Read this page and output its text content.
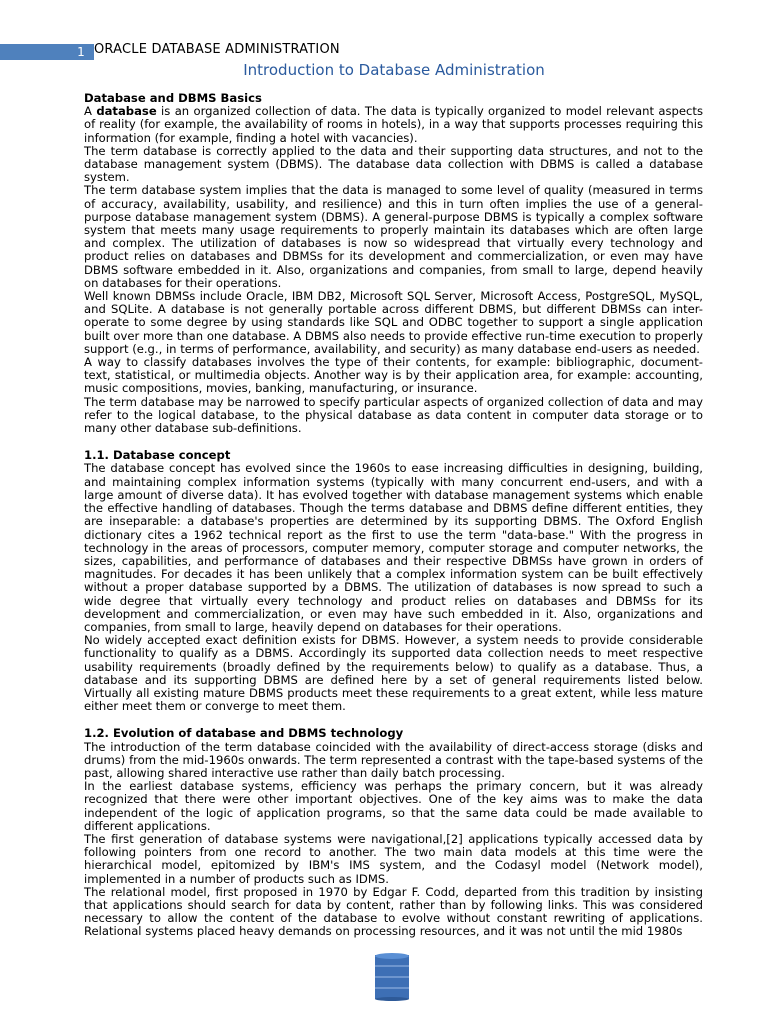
1 ORACLE DATABASE ADMINISTRATION
Introduction to Database Administration

Database and DBMS Basics

A database is an organized collection of data. The data is typically organized to model relevant aspects of reality (for example, the availability of rooms in hotels), in a way that supports processes requiring this information (for example, finding a hotel with vacancies).

The term database is correctly applied to the data and their supporting data structures, and not to the database management system (DBMS). The database data collection with DBMS is called a database system.

The term database system implies that the data is managed to some level of quality (measured in terms of accuracy, availability, usability, and resilience) and this in turn often implies the use of a general-purpose database management system (DBMS). A general-purpose DBMS is typically a complex software system that meets many usage requirements to properly maintain its databases which are often large and complex. The utilization of databases is now so widespread that virtually every technology and product relies on databases and DBMSs for its development and commercialization, or even may have DBMS software embedded in it. Also, organizations and companies, from small to large, depend heavily on databases for their operations.

Well known DBMSs include Oracle, IBM DB2, Microsoft SQL Server, Microsoft Access, PostgreSQL, MySQL, and SQLite. A database is not generally portable across different DBMS, but different DBMSs can inter-operate to some degree by using standards like SQL and ODBC together to support a single application built over more than one database. A DBMS also needs to provide effective run-time execution to properly support (e.g., in terms of performance, availability, and security) as many database end-users as needed.

A way to classify databases involves the type of their contents, for example: bibliographic, document-text, statistical, or multimedia objects. Another way is by their application area, for example: accounting, music compositions, movies, banking, manufacturing, or insurance.

The term database may be narrowed to specify particular aspects of organized collection of data and may refer to the logical database, to the physical database as data content in computer data storage or to many other database sub-definitions.

1.1. Database concept

The database concept has evolved since the 1960s to ease increasing difficulties in designing, building, and maintaining complex information systems (typically with many concurrent end-users, and with a large amount of diverse data). It has evolved together with database management systems which enable the effective handling of databases. Though the terms database and DBMS define different entities, they are inseparable: a database's properties are determined by its supporting DBMS. The Oxford English dictionary cites a 1962 technical report as the first to use the term "data-base." With the progress in technology in the areas of processors, computer memory, computer storage and computer networks, the sizes, capabilities, and performance of databases and their respective DBMSs have grown in orders of magnitudes. For decades it has been unlikely that a complex information system can be built effectively without a proper database supported by a DBMS. The utilization of databases is now spread to such a wide degree that virtually every technology and product relies on databases and DBMSs for its development and commercialization, or even may have such embedded in it. Also, organizations and companies, from small to large, heavily depend on databases for their operations.

No widely accepted exact definition exists for DBMS. However, a system needs to provide considerable functionality to qualify as a DBMS. Accordingly its supported data collection needs to meet respective usability requirements (broadly defined by the requirements below) to qualify as a database. Thus, a database and its supporting DBMS are defined here by a set of general requirements listed below. Virtually all existing mature DBMS products meet these requirements to a great extent, while less mature either meet them or converge to meet them.

1.2. Evolution of database and DBMS technology

The introduction of the term database coincided with the availability of direct-access storage (disks and drums) from the mid-1960s onwards. The term represented a contrast with the tape-based systems of the past, allowing shared interactive use rather than daily batch processing.

In the earliest database systems, efficiency was perhaps the primary concern, but it was already recognized that there were other important objectives. One of the key aims was to make the data independent of the logic of application programs, so that the same data could be made available to different applications.

The first generation of database systems were navigational,[2] applications typically accessed data by following pointers from one record to another. The two main data models at this time were the hierarchical model, epitomized by IBM's IMS system, and the Codasyl model (Network model), implemented in a number of products such as IDMS.

The relational model, first proposed in 1970 by Edgar F. Codd, departed from this tradition by insisting that applications should search for data by content, rather than by following links. This was considered necessary to allow the content of the database to evolve without constant rewriting of applications. Relational systems placed heavy demands on processing resources, and it was not until the mid 1980s
